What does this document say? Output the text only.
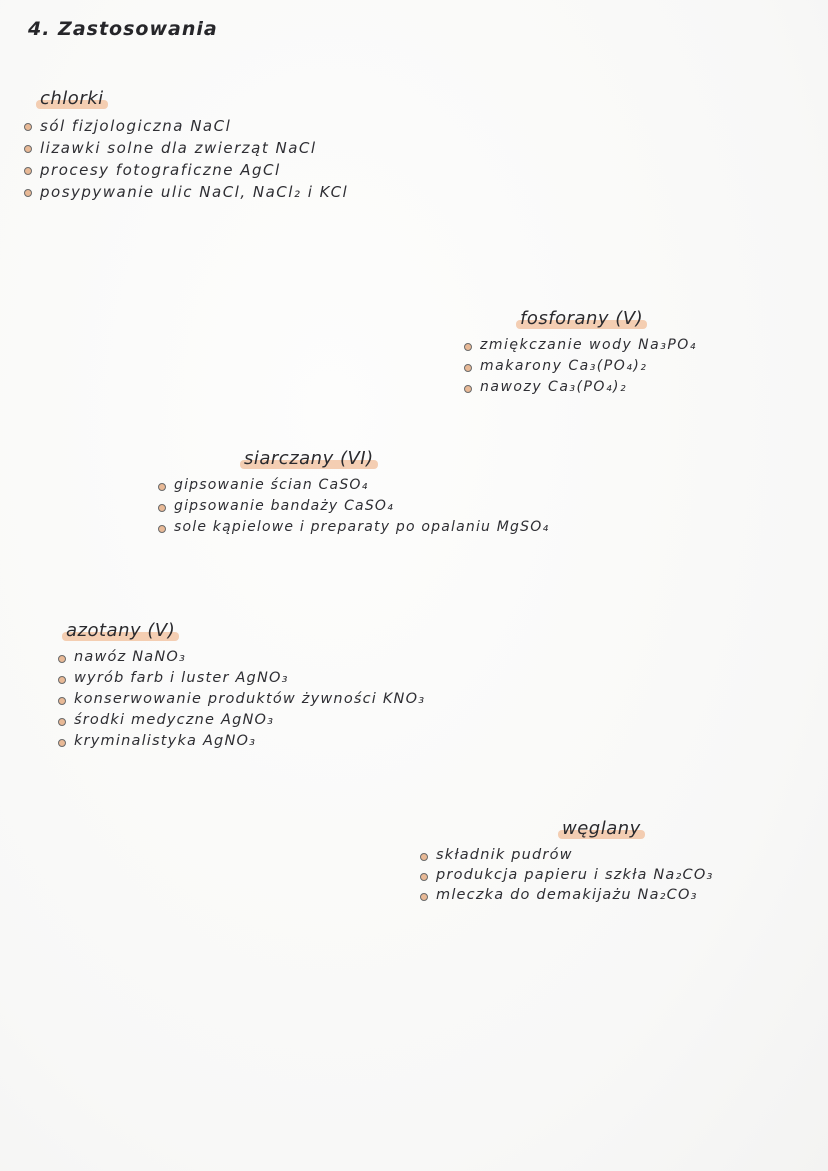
4. Zastosowania
chlorki
sól fizjologiczna NaCl
lizawki solne dla zwierząt NaCl
procesy fotograficzne AgCl
posypywanie ulic NaCl, NaCl₂ i KCl
fosforany (V)
zmiękczanie wody Na₃PO₄
makarony Ca₃(PO₄)₂
nawozy Ca₃(PO₄)₂
siarczany (VI)
gipsowanie ścian CaSO₄
gipsowanie bandaży CaSO₄
sole kąpielowe i preparaty po opalaniu MgSO₄
azotany (V)
nawóz NaNO₃
wyrób farb i luster AgNO₃
konserwowanie produktów żywności KNO₃
środki medyczne AgNO₃
kryminalistyka AgNO₃
węglany
składnik pudrów
produkcja papieru i szkła Na₂CO₃
mleczka do demakijażu Na₂CO₃
